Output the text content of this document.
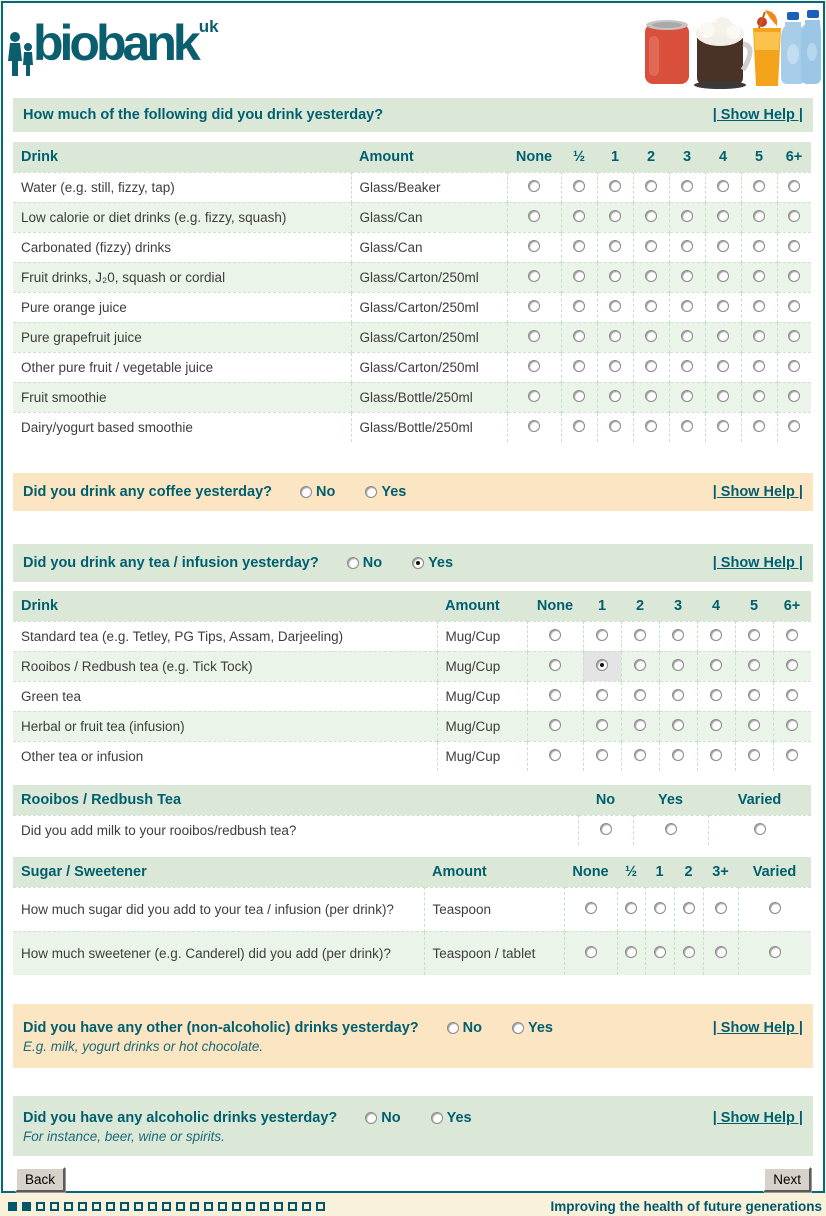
biobank uk
How much of the following did you drink yesterday?	| Show Help |
Drink	Amount	None	½	1	2	3	4	5	6+
Water (e.g. still, fizzy, tap)	Glass/Beaker								
Low calorie or diet drinks (e.g. fizzy, squash)	Glass/Can								
Carbonated (fizzy) drinks	Glass/Can								
Fruit drinks, J₂0, squash or cordial	Glass/Carton/250ml								
Pure orange juice	Glass/Carton/250ml								
Pure grapefruit juice	Glass/Carton/250ml								
Other pure fruit / vegetable juice	Glass/Carton/250ml								
Fruit smoothie	Glass/Bottle/250ml								
Dairy/yogurt based smoothie	Glass/Bottle/250ml								
Did you drink any coffee yesterday?	No	Yes	| Show Help |
Did you drink any tea / infusion yesterday?	No	Yes	| Show Help |
Drink	Amount	None	1	2	3	4	5	6+
Standard tea (e.g. Tetley, PG Tips, Assam, Darjeeling)	Mug/Cup							
Rooibos / Redbush tea (e.g. Tick Tock)	Mug/Cup							
Green tea	Mug/Cup							
Herbal or fruit tea (infusion)	Mug/Cup							
Other tea or infusion	Mug/Cup							
Rooibos / Redbush Tea	No	Yes	Varied
Did you add milk to your rooibos/redbush tea?			
Sugar / Sweetener	Amount	None	½	1	2	3+	Varied
How much sugar did you add to your tea / infusion (per drink)?	Teaspoon						
How much sweetener (e.g. Canderel) did you add (per drink)?	Teaspoon / tablet						
Did you have any other (non-alcoholic) drinks yesterday?	No	Yes	| Show Help |
E.g. milk, yogurt drinks or hot chocolate.
Did you have any alcoholic drinks yesterday?	No	Yes	| Show Help |
For instance, beer, wine or spirits.
Back	Next
Improving the health of future generations
